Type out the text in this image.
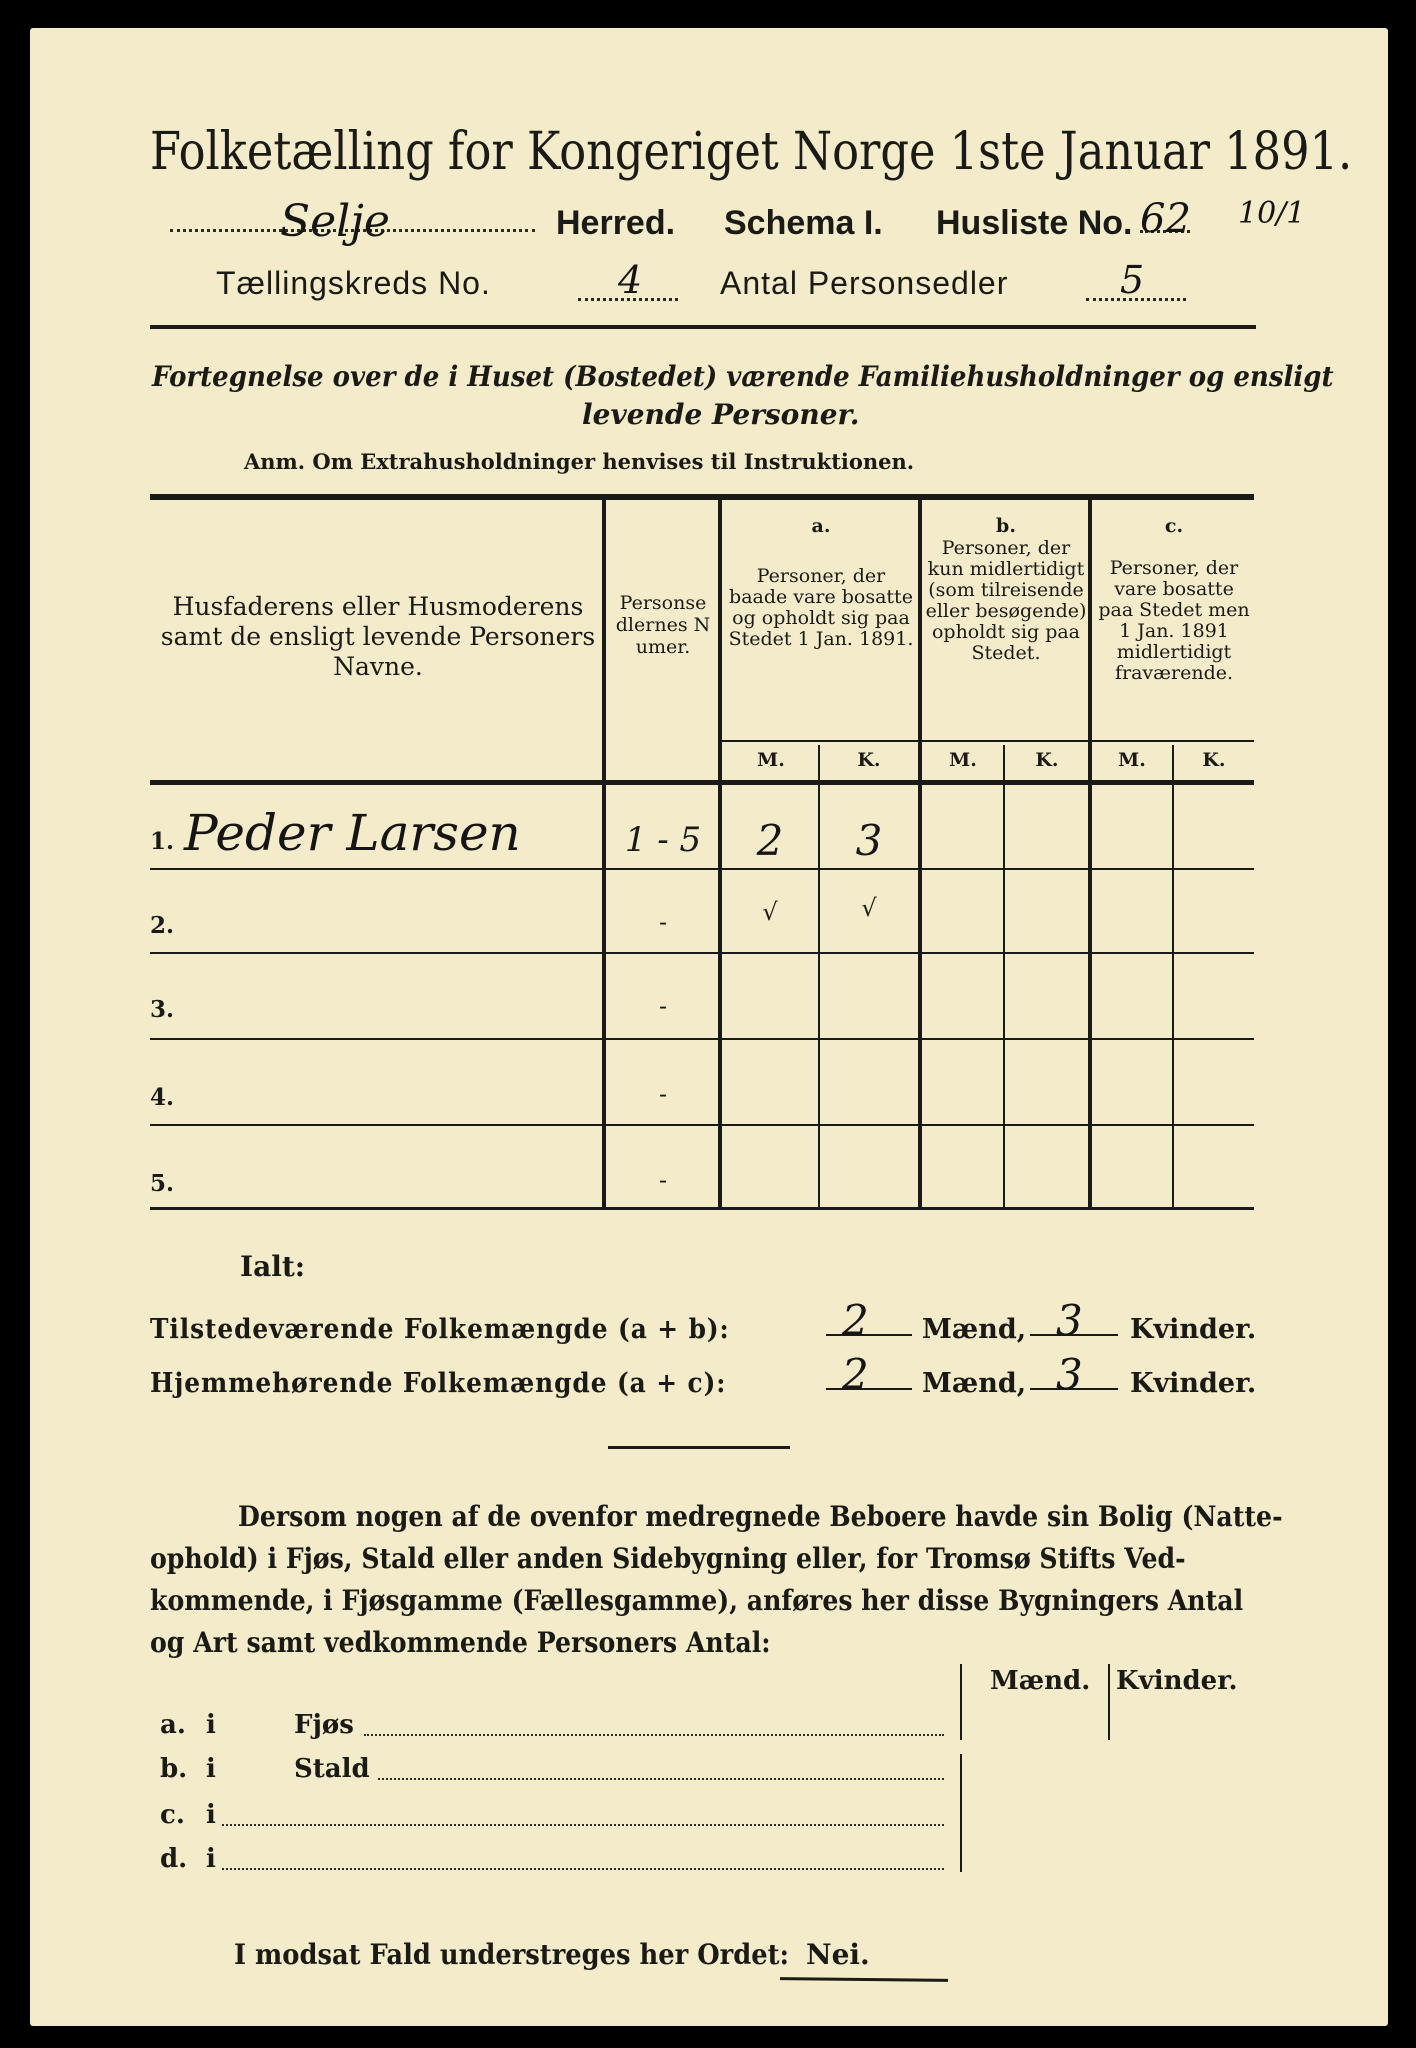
Folketælling for Kongeriget Norge 1ste Januar 1891.
Selje	Herred. Schema I. Husliste No. 62 10/1
Tællingskreds No.	4 Antal Personsedler	5
Fortegnelse over de i Huset (Bostedet) værende Familiehusholdninger og ensligt
levende Personer.
Anm. Om Extrahusholdninger henvises til Instruktionen.
Husfaderens eller Husmoderens samt de ensligt levende Personers Navne.
Personsedlernes Numer.
a.
Personer, der baade vare bosatte og opholdt sig paa Stedet 1 Jan. 1891.
b.
Personer, der kun midlertidigt (som tilreisende eller besøgende) opholdt sig paa Stedet.
c.
Personer, der vare bosatte paa Stedet men 1 Jan. 1891 midlertidigt fraværende.
M.	K.	M.	K.	M.	K.
1. Peder Larsen	1 - 5	2	3
2.	-	√	√
3.	-
4.	-
5.	-
Ialt:
Tilstedeværende Folkemængde (a + b):	2 Mænd, 3 Kvinder.
Hjemmehørende Folkemængde (a + c):	2 Mænd, 3 Kvinder.
Dersom nogen af de ovenfor medregnede Beboere havde sin Bolig (Natte-
ophold) i Fjøs, Stald eller anden Sidebygning eller, for Tromsø Stifts Ved-
kommende, i Fjøsgamme (Fællesgamme), anføres her disse Bygningers Antal
og Art samt vedkommende Personers Antal:
Mænd. Kvinder.
a. i	Fjøs
b. i	Stald
c. i
d. i
I modsat Fald understreges her Ordet: Nei.
